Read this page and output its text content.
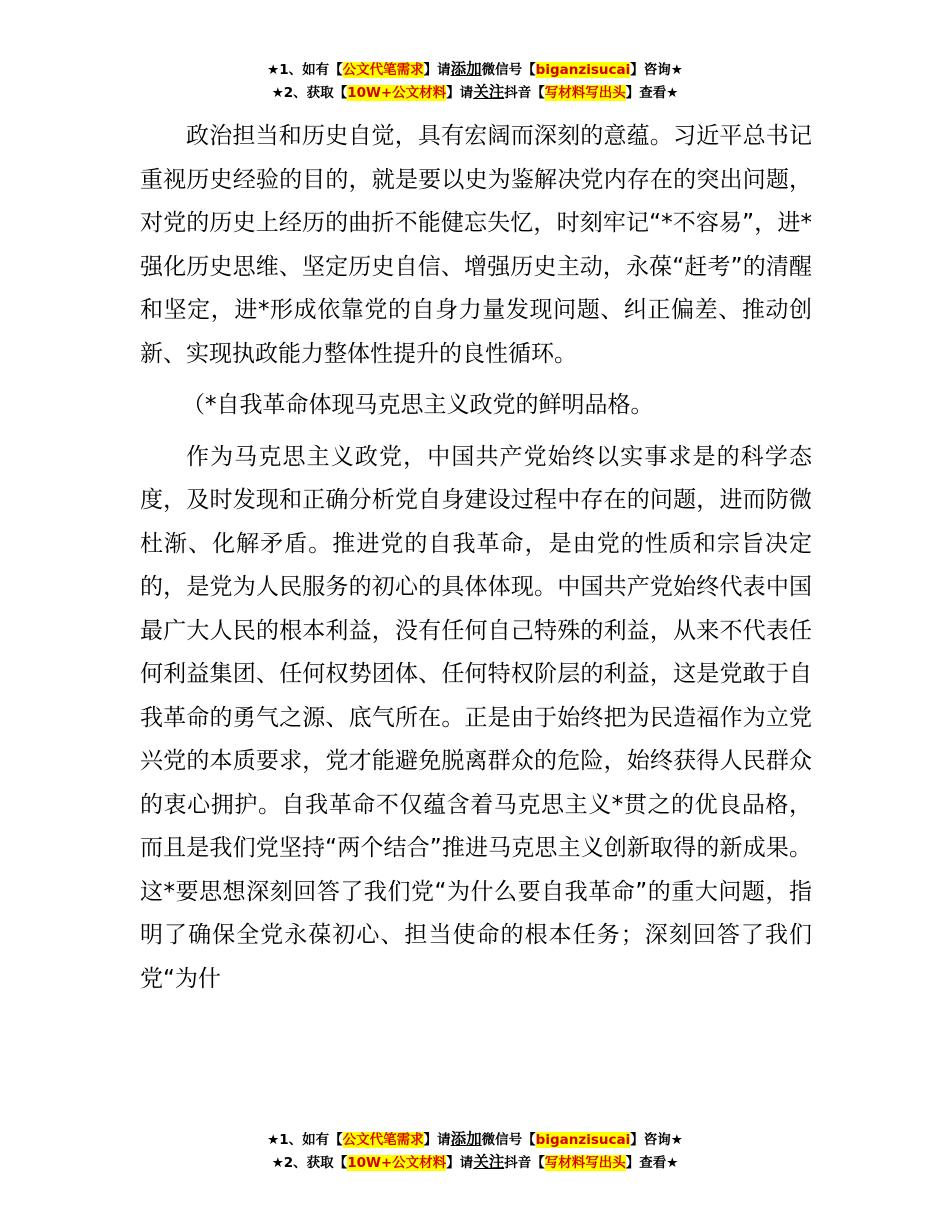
★1、如有【公文代笔需求】请添加微信号【biganzisucai】咨询★
★2、获取【10W+公文材料】请关注抖音【写材料写出头】查看★

政治担当和历史自觉，具有宏阔而深刻的意蕴。习近平总书记重视历史经验的目的，就是要以史为鉴解决党内存在的突出问题，对党的历史上经历的曲折不能健忘失忆，时刻牢记“*不容易”，进*强化历史思维、坚定历史自信、增强历史主动，永葆“赶考”的清醒和坚定，进*形成依靠党的自身力量发现问题、纠正偏差、推动创新、实现执政能力整体性提升的良性循环。

（*自我革命体现马克思主义政党的鲜明品格。

作为马克思主义政党，中国共产党始终以实事求是的科学态度，及时发现和正确分析党自身建设过程中存在的问题，进而防微杜渐、化解矛盾。推进党的自我革命，是由党的性质和宗旨决定的，是党为人民服务的初心的具体体现。中国共产党始终代表中国最广大人民的根本利益，没有任何自己特殊的利益，从来不代表任何利益集团、任何权势团体、任何特权阶层的利益，这是党敢于自我革命的勇气之源、底气所在。正是由于始终把为民造福作为立党兴党的本质要求，党才能避免脱离群众的危险，始终获得人民群众的衷心拥护。自我革命不仅蕴含着马克思主义*贯之的优良品格，而且是我们党坚持“两个结合”推进马克思主义创新取得的新成果。这*要思想深刻回答了我们党“为什么要自我革命”的重大问题，指明了确保全党永葆初心、担当使命的根本任务；深刻回答了我们党“为什

★1、如有【公文代笔需求】请添加微信号【biganzisucai】咨询★
★2、获取【10W+公文材料】请关注抖音【写材料写出头】查看★
